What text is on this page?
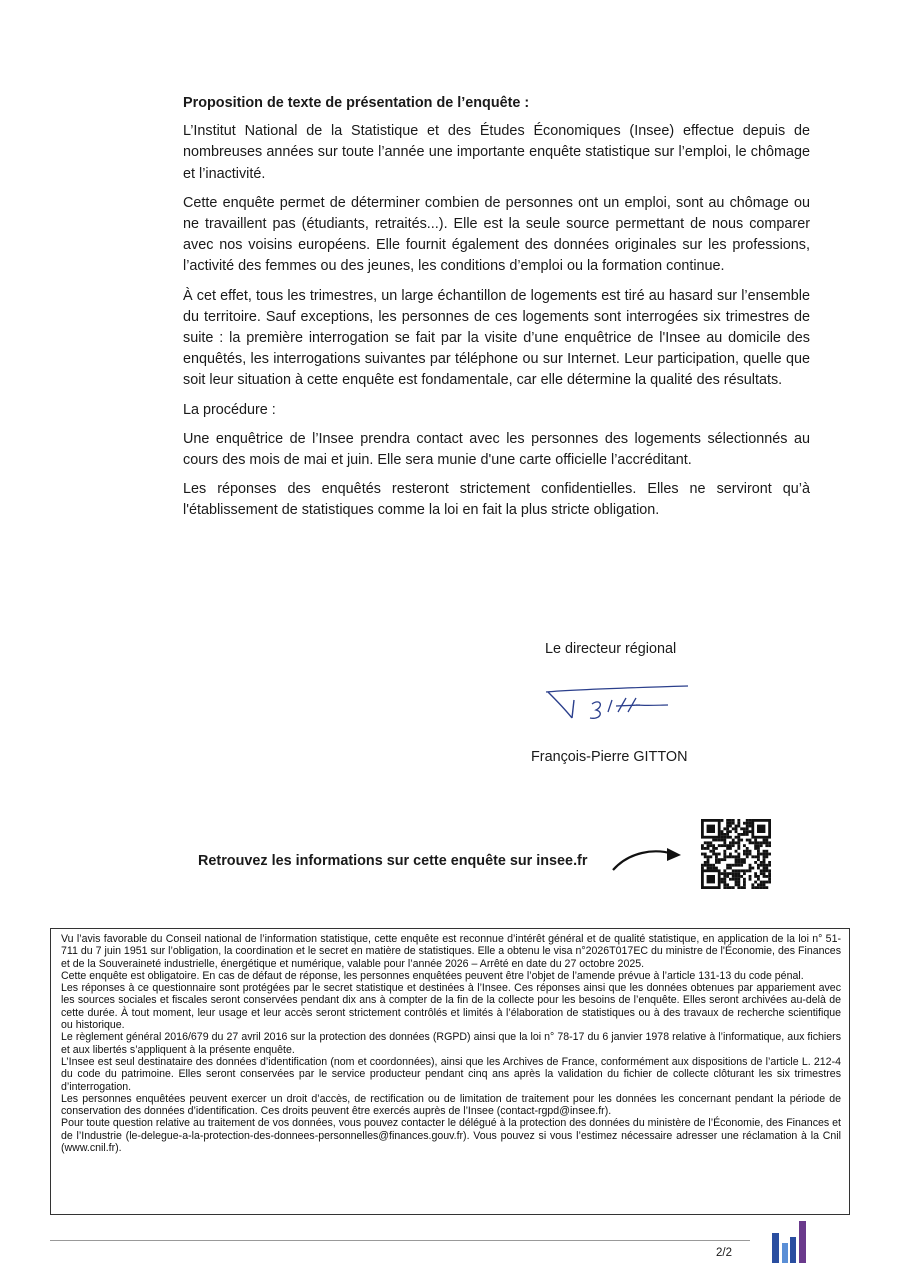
Proposition de texte de présentation de l’enquête :

L’Institut National de la Statistique et des Études Économiques (Insee) effectue depuis de nombreuses années sur toute l’année une importante enquête statistique sur l’emploi, le chômage et l’inactivité.

Cette enquête permet de déterminer combien de personnes ont un emploi, sont au chômage ou ne travaillent pas (étudiants, retraités...). Elle est la seule source permettant de nous comparer avec nos voisins européens. Elle fournit également des données originales sur les professions, l’activité des femmes ou des jeunes, les conditions d’emploi ou la formation continue.

À cet effet, tous les trimestres, un large échantillon de logements est tiré au hasard sur l’ensemble du territoire. Sauf exceptions, les personnes de ces logements sont interrogées six trimestres de suite : la première interrogation se fait par la visite d’une enquêtrice de l'Insee au domicile des enquêtés, les interrogations suivantes par téléphone ou sur Internet. Leur participation, quelle que soit leur situation à cette enquête est fondamentale, car elle détermine la qualité des résultats.

La procédure :

Une enquêtrice de l’Insee prendra contact avec les personnes des logements sélectionnés au cours des mois de mai et juin. Elle sera munie d'une carte officielle l’accréditant.

Les réponses des enquêtés resteront strictement confidentielles. Elles ne serviront qu’à l'établissement de statistiques comme la loi en fait la plus stricte obligation.

Le directeur régional
François-Pierre GITTON
Retrouvez les informations sur cette enquête sur insee.fr

Vu l’avis favorable du Conseil national de l’information statistique, cette enquête est reconnue d’intérêt général et de qualité statistique, en application de la loi n° 51-711 du 7 juin 1951 sur l’obligation, la coordination et le secret en matière de statistiques. Elle a obtenu le visa n°2026T017EC du ministre de l'Économie, des Finances et de la Souveraineté industrielle, énergétique et numérique, valable pour l’année 2026 – Arrêté en date du 27 octobre 2025.

Cette enquête est obligatoire. En cas de défaut de réponse, les personnes enquêtées peuvent être l’objet de l’amende prévue à l’article 131-13 du code pénal.

Les réponses à ce questionnaire sont protégées par le secret statistique et destinées à l’Insee. Ces réponses ainsi que les données obtenues par appariement avec les sources sociales et fiscales seront conservées pendant dix ans à compter de la fin de la collecte pour les besoins de l’enquête. Elles seront archivées au-delà de cette durée. À tout moment, leur usage et leur accès seront strictement contrôlés et limités à l’élaboration de statistiques ou à des travaux de recherche scientifique ou historique.

Le règlement général 2016/679 du 27 avril 2016 sur la protection des données (RGPD) ainsi que la loi n° 78-17 du 6 janvier 1978 relative à l’informatique, aux fichiers et aux libertés s’appliquent à la présente enquête.

L’Insee est seul destinataire des données d’identification (nom et coordonnées), ainsi que les Archives de France, conformément aux dispositions de l’article L. 212-4 du code du patrimoine. Elles seront conservées par le service producteur pendant cinq ans après la validation du fichier de collecte clôturant les six trimestres d’interrogation.

Les personnes enquêtées peuvent exercer un droit d’accès, de rectification ou de limitation de traitement pour les données les concernant pendant la période de conservation des données d’identification. Ces droits peuvent être exercés auprès de l’Insee (contact-rgpd@insee.fr).

Pour toute question relative au traitement de vos données, vous pouvez contacter le délégué à la protection des données du ministère de l’Économie, des Finances et de l’Industrie (le-delegue-a-la-protection-des-donnees-personnelles@finances.gouv.fr). Vous pouvez si vous l’estimez nécessaire adresser une réclamation à la Cnil (www.cnil.fr).

2/2
